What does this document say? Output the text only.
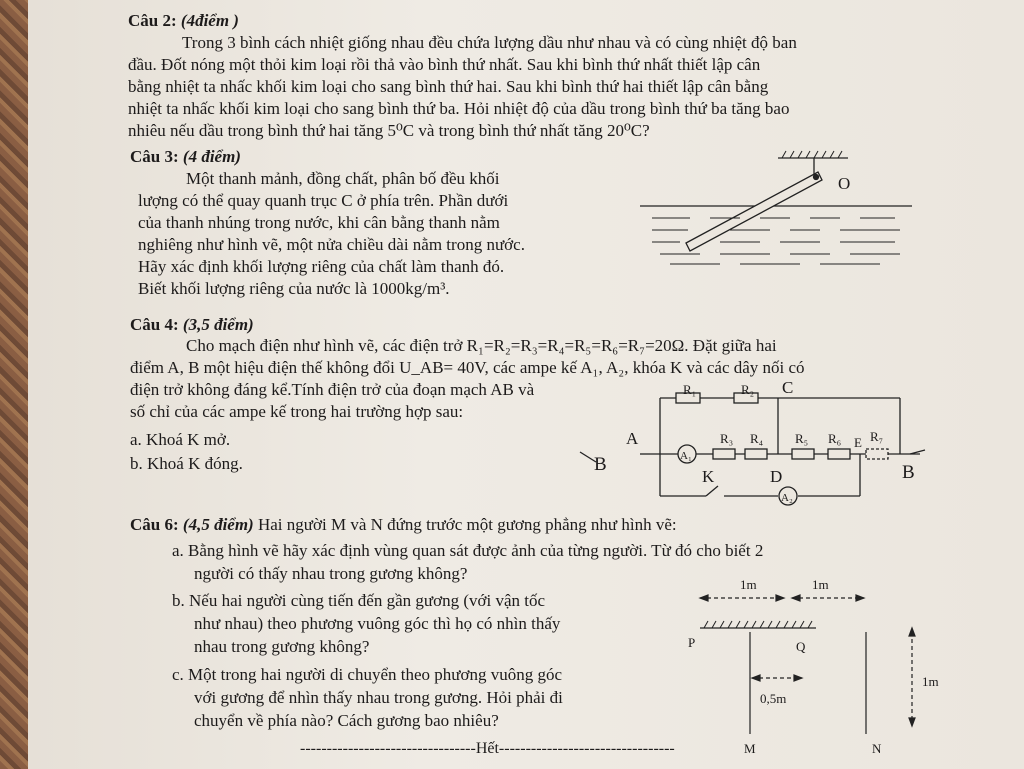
Câu 2: (4điểm )
Trong 3 bình cách nhiệt giống nhau đều chứa lượng dầu như nhau và có cùng nhiệt độ ban
đầu. Đốt nóng một thỏi kim loại rồi thả vào bình thứ nhất. Sau khi bình thứ nhất thiết lập cân
bằng nhiệt ta nhấc khối kim loại cho sang bình thứ hai. Sau khi bình thứ hai thiết lập cân bằng
nhiệt ta nhấc khối kim loại cho sang bình thứ ba. Hỏi nhiệt độ của dầu trong bình thứ ba tăng bao
nhiêu nếu dầu trong bình thứ hai tăng 5⁰C và trong bình thứ nhất tăng 20⁰C?
Câu 3: (4 điểm)
Một thanh mảnh, đồng chất, phân bố đều khối
lượng có thể quay quanh trục C ở phía trên. Phần dưới
của thanh nhúng trong nước, khi cân bằng thanh nằm
nghiêng như hình vẽ, một nửa chiều dài nằm trong nước.
Hãy xác định khối lượng riêng của chất làm thanh đó.
Biết khối lượng riêng của nước là 1000kg/m³.
O
Câu 4: (3,5 điểm)
Cho mạch điện như hình vẽ, các điện trở R₁=R₂=R₃=R₄=R₅=R₆=R₇=20Ω. Đặt giữa hai
điểm A, B một hiệu điện thế không đổi U_AB= 40V, các ampe kế A₁, A₂, khóa K và các dây nối có
điện trở không đáng kể.Tính điện trở của đoạn mạch AB và
số chỉ của các ampe kế trong hai trường hợp sau:
a. Khoá K mở.
b. Khoá K đóng.
R₁	R₂ C
A	R₃ R₄ R₅ R₆ E R₇
A₁
A₂
K	D
B	B
Câu 6: (4,5 điểm) Hai người M và N đứng trước một gương phẳng như hình vẽ:
a. Bằng hình vẽ hãy xác định vùng quan sát được ảnh của từng người. Từ đó cho biết 2
người có thấy nhau trong gương không?
b. Nếu hai người cùng tiến đến gần gương (với vận tốc
như nhau) theo phương vuông góc thì họ có nhìn thấy
nhau trong gương không?
c. Một trong hai người di chuyển theo phương vuông góc
với gương để nhìn thấy nhau trong gương. Hỏi phải đi
chuyển về phía nào? Cách gương bao nhiêu?
1m	1m
P	Q
1m
0,5m
M	N
---------------------------------Hết---------------------------------
